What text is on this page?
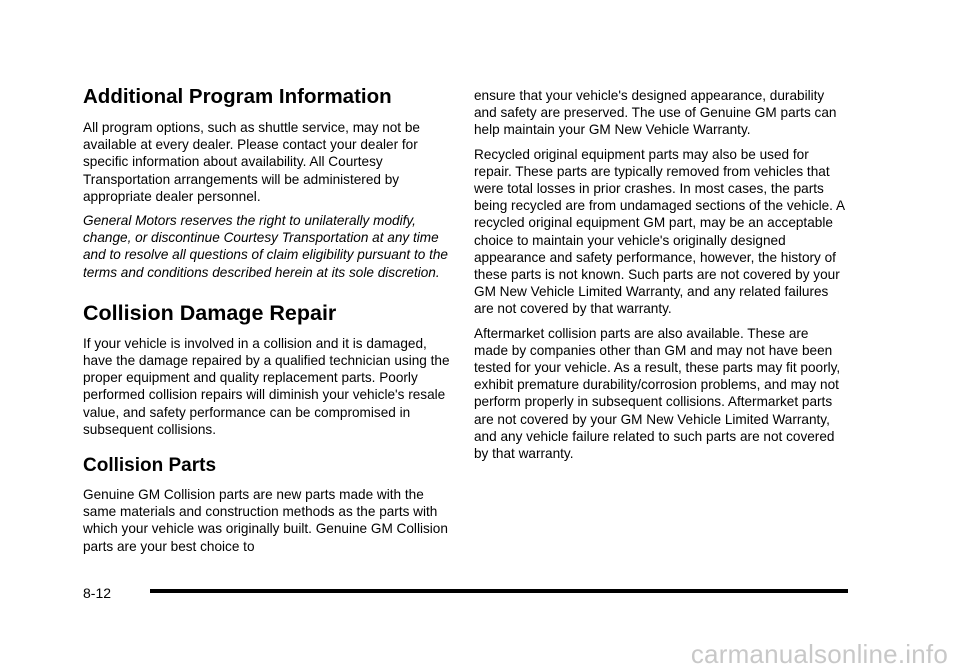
Additional Program Information

All program options, such as shuttle service, may not be available at every dealer. Please contact your dealer for specific information about availability. All Courtesy Transportation arrangements will be administered by appropriate dealer personnel.

General Motors reserves the right to unilaterally modify, change, or discontinue Courtesy Transportation at any time and to resolve all questions of claim eligibility pursuant to the terms and conditions described herein at its sole discretion.

Collision Damage Repair

If your vehicle is involved in a collision and it is damaged, have the damage repaired by a qualified technician using the proper equipment and quality replacement parts. Poorly performed collision repairs will diminish your vehicle's resale value, and safety performance can be compromised in subsequent collisions.

Collision Parts

Genuine GM Collision parts are new parts made with the same materials and construction methods as the parts with which your vehicle was originally built. Genuine GM Collision parts are your best choice to

ensure that your vehicle's designed appearance, durability and safety are preserved. The use of Genuine GM parts can help maintain your GM New Vehicle Warranty.

Recycled original equipment parts may also be used for repair. These parts are typically removed from vehicles that were total losses in prior crashes. In most cases, the parts being recycled are from undamaged sections of the vehicle. A recycled original equipment GM part, may be an acceptable choice to maintain your vehicle's originally designed appearance and safety performance, however, the history of these parts is not known. Such parts are not covered by your GM New Vehicle Limited Warranty, and any related failures are not covered by that warranty.

Aftermarket collision parts are also available. These are made by companies other than GM and may not have been tested for your vehicle. As a result, these parts may fit poorly, exhibit premature durability/corrosion problems, and may not perform properly in subsequent collisions. Aftermarket parts are not covered by your GM New Vehicle Limited Warranty, and any vehicle failure related to such parts are not covered by that warranty.

8-12
carmanualsonline.info
